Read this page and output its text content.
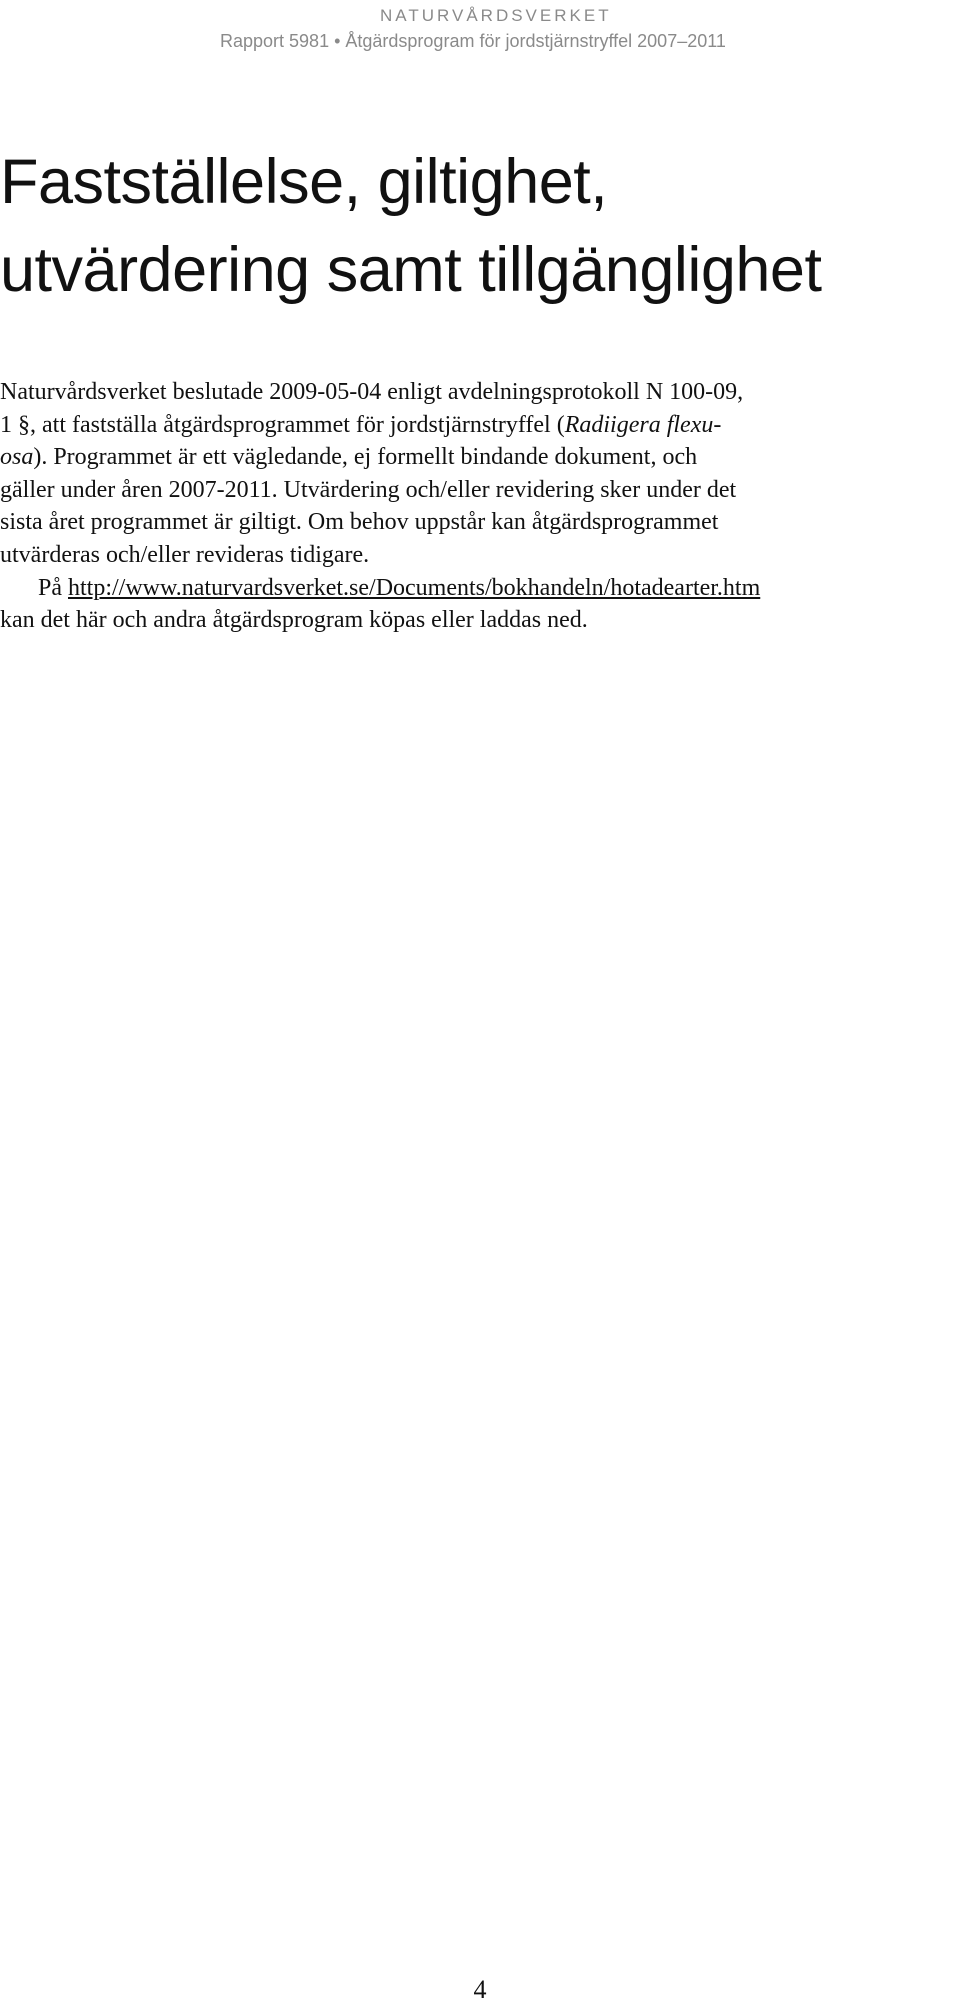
NATURVÅRDSVERKET
Rapport 5981 • Åtgärdsprogram för jordstjärnstryffel 2007–2011
Fastställelse, giltighet,
utvärdering samt tillgänglighet
Naturvårdsverket beslutade 2009-05-04 enligt avdelningsprotokoll N 100-09,
1 §, att fastställa åtgärdsprogrammet för jordstjärnstryffel (Radiigera flexu-
osa). Programmet är ett vägledande, ej formellt bindande dokument, och
gäller under åren 2007-2011. Utvärdering och/eller revidering sker under det
sista året programmet är giltigt. Om behov uppstår kan åtgärdsprogrammet
utvärderas och/eller revideras tidigare.
På http://www.naturvardsverket.se/Documents/bokhandeln/hotadearter.htm
kan det här och andra åtgärdsprogram köpas eller laddas ned.
4
